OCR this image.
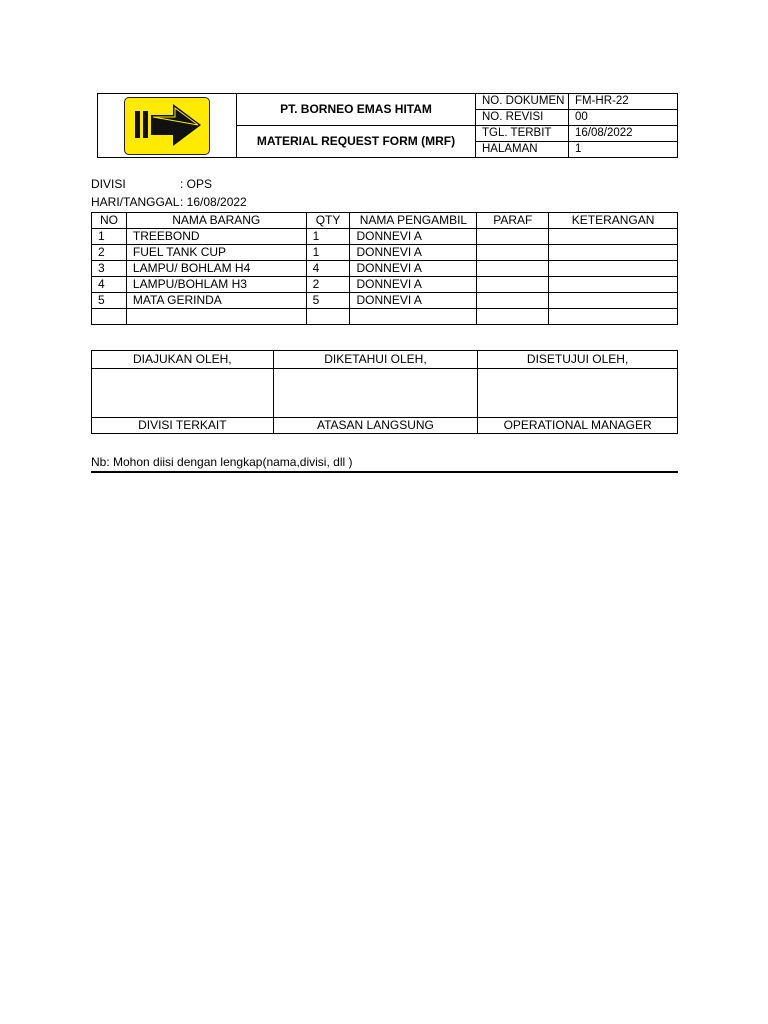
	PT. BORNEO EMAS HITAM	NO. DOKUMEN	FM-HR-22
		NO. REVISI	00
	MATERIAL REQUEST FORM (MRF)	TGL. TERBIT	16/08/2022
		HALAMAN	1
DIVISI	: OPS
HARI/TANGGAL : 16/08/2022
NO	NAMA BARANG	QTY	NAMA PENGAMBIL	PARAF	KETERANGAN
1	TREEBOND	1	DONNEVI A		
2	FUEL TANK CUP	1	DONNEVI A		
3	LAMPU/ BOHLAM H4	4	DONNEVI A		
4	LAMPU/BOHLAM H3	2	DONNEVI A		
5	MATA GERINDA	5	DONNEVI A		

DIAJUKAN OLEH,	DIKETAHUI OLEH,	DISETUJUI OLEH,

DIVISI TERKAIT	ATASAN LANGSUNG	OPERATIONAL MANAGER
Nb: Mohon diisi dengan lengkap(nama,divisi, dll )
